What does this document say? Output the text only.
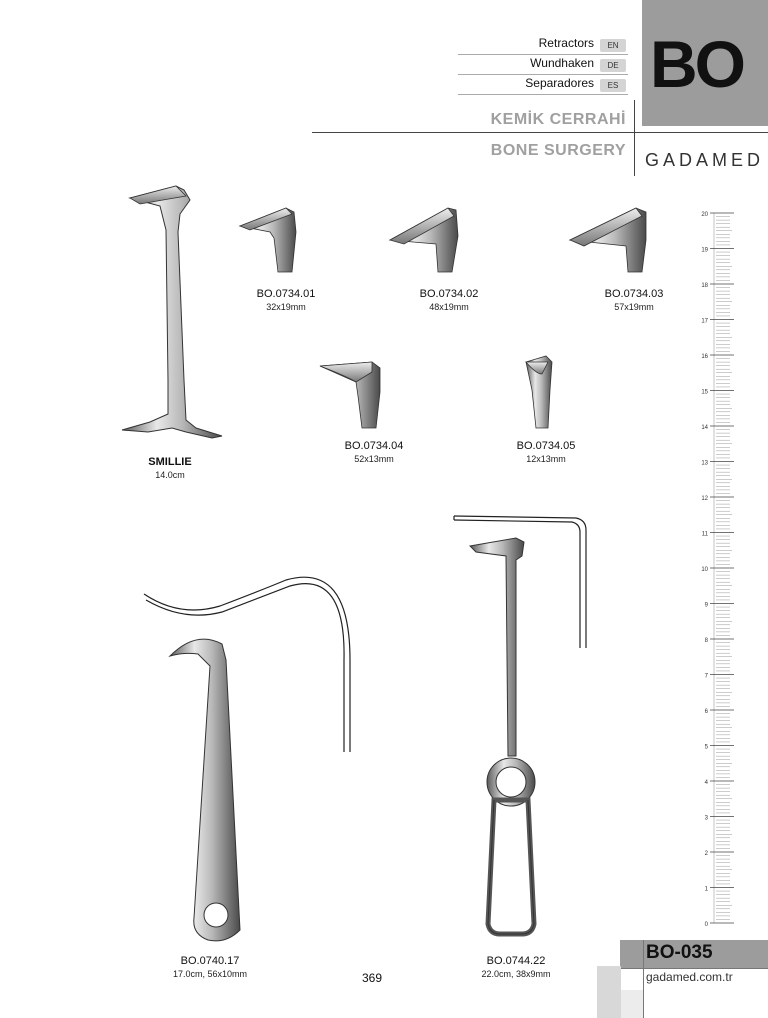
Retractors	EN
Wundhaken	DE
Separadores	ES BO
KEMİK CERRAHİ
BONE SURGERY GADAMED
BO.0734.01
32x19mm
BO.0734.02
48x19mm
BO.0734.03
57x19mm
BO.0734.04
52x13mm
BO.0734.05
12x13mm
SMILLIE
14.0cm
BO.0740.17
17.0cm, 56x10mm
BO.0744.22
22.0cm, 38x9mm
369
20
19
18
17
16
15
14
13
12
11
10
9
8
7
6
5
4
3
2
1
0
BO-035
gadamed.com.tr
